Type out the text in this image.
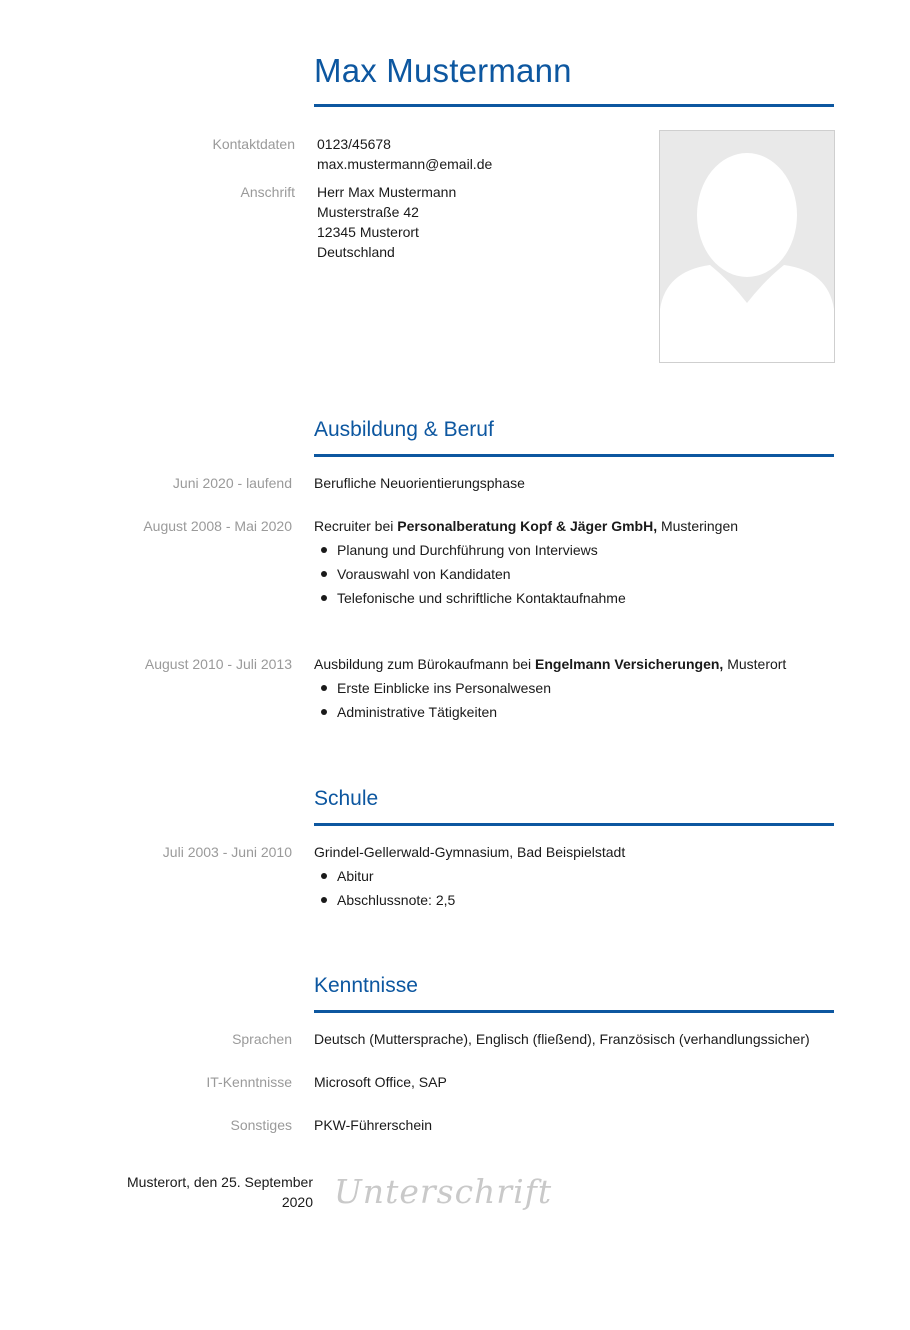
Max Mustermann
Kontaktdaten 0123/45678
max.mustermann@email.de
Anschrift Herr Max Mustermann
Musterstraße 42
12345 Musterort
Deutschland
Ausbildung & Beruf
Juni 2020 - laufend Berufliche Neuorientierungsphase
August 2008 - Mai 2020 Recruiter bei Personalberatung Kopf & Jäger GmbH, Musteringen
Planung und Durchführung von Interviews
Vorauswahl von Kandidaten
Telefonische und schriftliche Kontaktaufnahme
August 2010 - Juli 2013 Ausbildung zum Bürokaufmann bei Engelmann Versicherungen, Musterort
Erste Einblicke ins Personalwesen
Administrative Tätigkeiten
Schule
Juli 2003 - Juni 2010 Grindel-Gellerwald-Gymnasium, Bad Beispielstadt
Abitur
Abschlussnote: 2,5
Kenntnisse
Sprachen Deutsch (Muttersprache), Englisch (fließend), Französisch (verhandlungssicher)
IT-Kenntnisse Microsoft Office, SAP
Sonstiges PKW-Führerschein
Musterort, den 25. September
2020 Unterschrift
